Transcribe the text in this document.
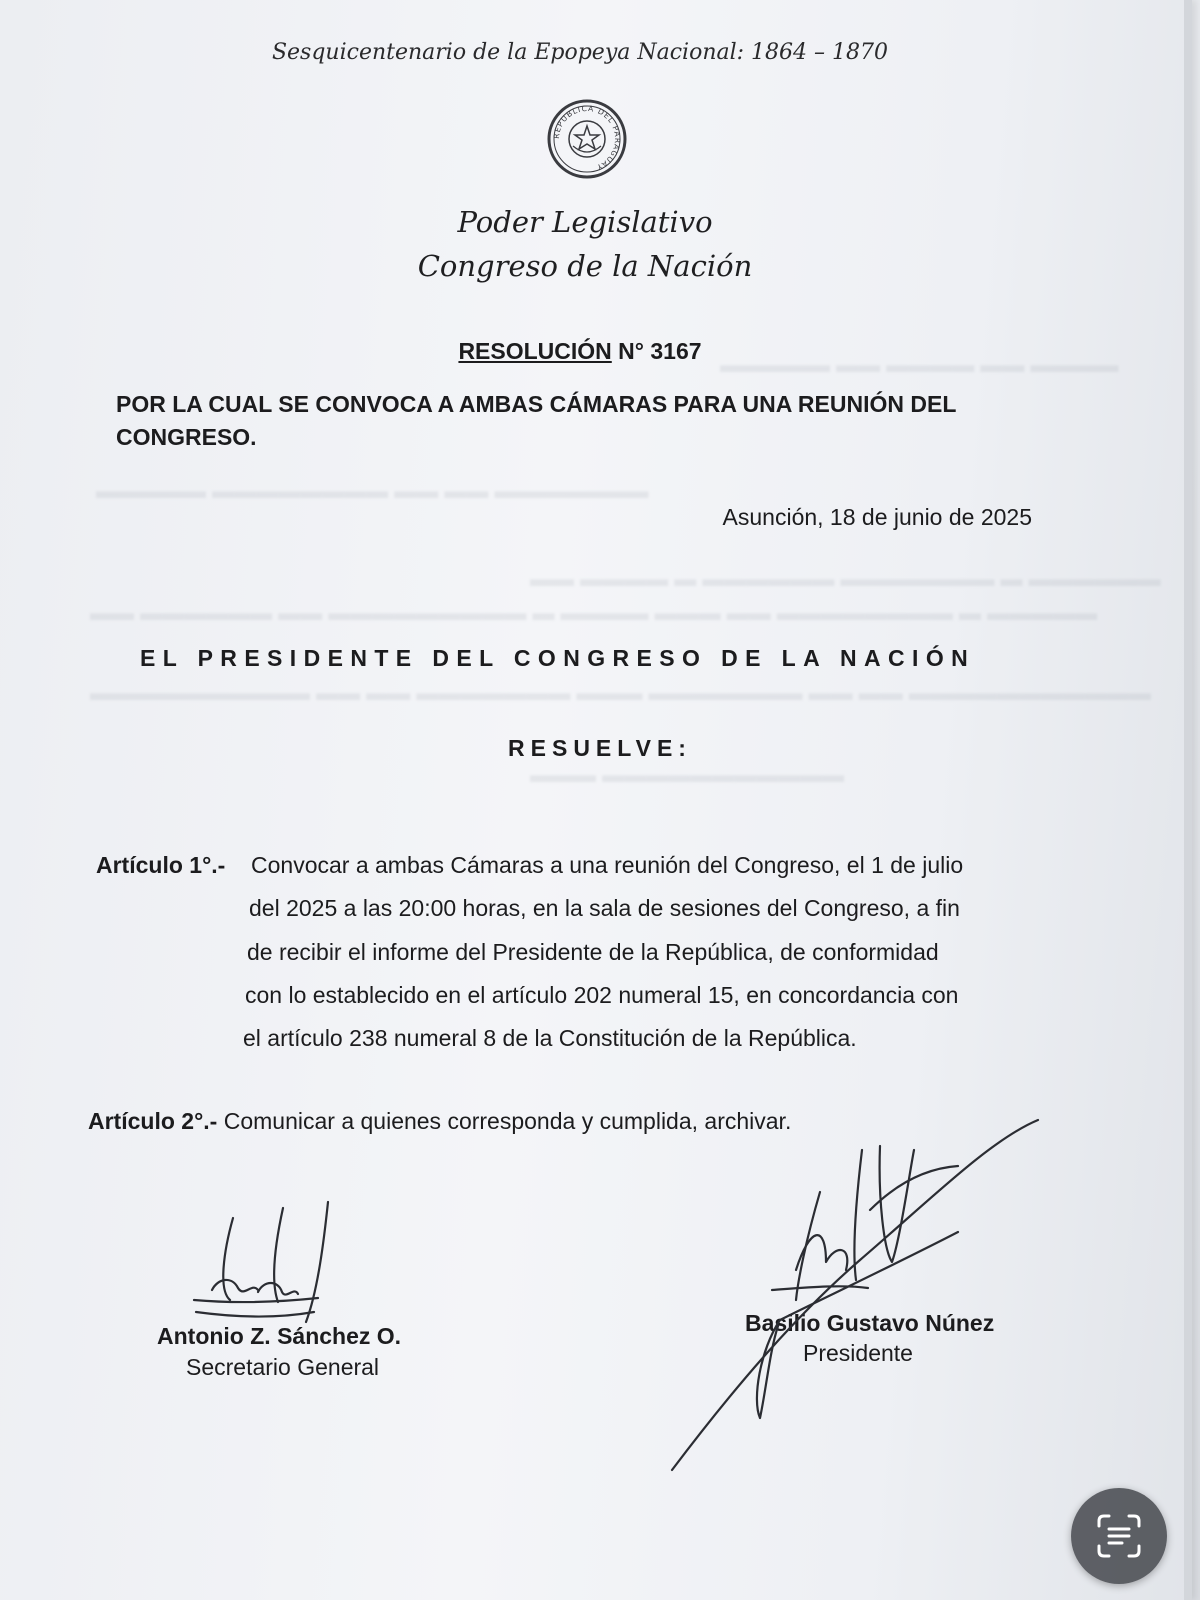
▬▬▬▬▬ ▬▬ ▬▬▬▬ ▬▬ ▬▬▬▬
▬▬▬▬▬ ▬▬▬▬▬▬▬▬ ▬▬ ▬▬ ▬▬▬▬▬▬▬
▬▬ ▬▬▬▬ ▬ ▬▬▬▬▬▬ ▬▬▬▬▬▬▬ ▬ ▬▬▬▬▬▬
▬▬ ▬▬▬▬▬▬ ▬▬ ▬▬▬▬▬▬▬▬▬ ▬ ▬▬▬▬ ▬▬▬ ▬▬ ▬▬▬▬▬▬▬▬ ▬ ▬▬▬▬▬
▬▬▬▬▬▬▬▬▬▬ ▬▬ ▬▬ ▬▬▬▬▬▬▬ ▬▬▬ ▬▬▬▬▬▬▬ ▬▬ ▬▬ ▬▬▬▬▬▬▬▬▬▬▬
▬▬▬ ▬▬▬▬▬▬▬▬▬▬▬
Sesquicentenario de la Epopeya Nacional: 1864 – 1870
REPUBLICA DEL PARAGUAY
Poder Legislativo
Congreso de la Nación
RESOLUCIÓN N° 3167
POR LA CUAL SE CONVOCA A AMBAS CÁMARAS PARA UNA REUNIÓN DEL
CONGRESO.
Asunción, 18 de junio de 2025
EL PRESIDENTE DEL CONGRESO DE LA NACIÓN
RESUELVE:
Artículo 1°.- Convocar a ambas Cámaras a una reunión del Congreso, el 1 de julio
del 2025 a las 20:00 horas, en la sala de sesiones del Congreso, a fin
de recibir el informe del Presidente de la República, de conformidad
con lo establecido en el artículo 202 numeral 15, en concordancia con
el artículo 238 numeral 8 de la Constitución de la República.
Artículo 2°.- Comunicar a quienes corresponda y cumplida, archivar.
Antonio Z. Sánchez O.
Secretario General
Basilio Gustavo Núnez
Presidente
